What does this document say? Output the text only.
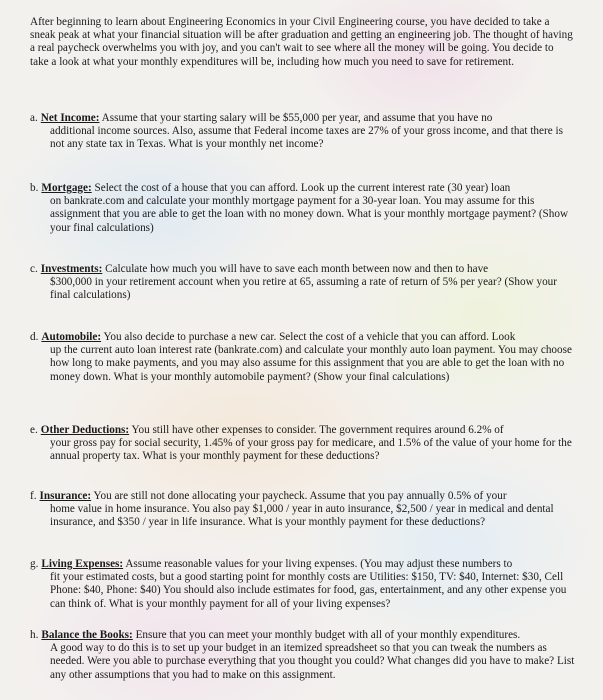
After beginning to learn about Engineering Economics in your Civil Engineering course, you have decided to take a sneak peak at what your financial situation will be after graduation and getting an engineering job. The thought of having a real paycheck overwhelms you with joy, and you can't wait to see where all the money will be going. You decide to take a look at what your monthly expenditures will be, including how much you need to save for retirement.

a. Net Income: Assume that your starting salary will be $55,000 per year, and assume that you have no

additional income sources. Also, assume that Federal income taxes are 27% of your gross income, and that there is not any state tax in Texas. What is your monthly net income?

b. Mortgage: Select the cost of a house that you can afford. Look up the current interest rate (30 year) loan

on bankrate.com and calculate your monthly mortgage payment for a 30-year loan. You may assume for this assignment that you are able to get the loan with no money down. What is your monthly mortgage payment? (Show your final calculations)

c. Investments: Calculate how much you will have to save each month between now and then to have

$300,000 in your retirement account when you retire at 65, assuming a rate of return of 5% per year? (Show your final calculations)

d. Automobile: You also decide to purchase a new car. Select the cost of a vehicle that you can afford. Look

up the current auto loan interest rate (bankrate.com) and calculate your monthly auto loan payment. You may choose how long to make payments, and you may also assume for this assignment that you are able to get the loan with no money down. What is your monthly automobile payment? (Show your final calculations)

e. Other Deductions: You still have other expenses to consider. The government requires around 6.2% of

your gross pay for social security, 1.45% of your gross pay for medicare, and 1.5% of the value of your home for the annual property tax. What is your monthly payment for these deductions?

f. Insurance: You are still not done allocating your paycheck. Assume that you pay annually 0.5% of your

home value in home insurance. You also pay $1,000 / year in auto insurance, $2,500 / year in medical and dental insurance, and $350 / year in life insurance. What is your monthly payment for these deductions?

g. Living Expenses: Assume reasonable values for your living expenses. (You may adjust these numbers to

fit your estimated costs, but a good starting point for monthly costs are Utilities: $150, TV: $40, Internet: $30, Cell Phone: $40, Phone: $40) You should also include estimates for food, gas, entertainment, and any other expense you can think of. What is your monthly payment for all of your living expenses?

h. Balance the Books: Ensure that you can meet your monthly budget with all of your monthly expenditures.

A good way to do this is to set up your budget in an itemized spreadsheet so that you can tweak the numbers as needed. Were you able to purchase everything that you thought you could? What changes did you have to make? List any other assumptions that you had to make on this assignment.
